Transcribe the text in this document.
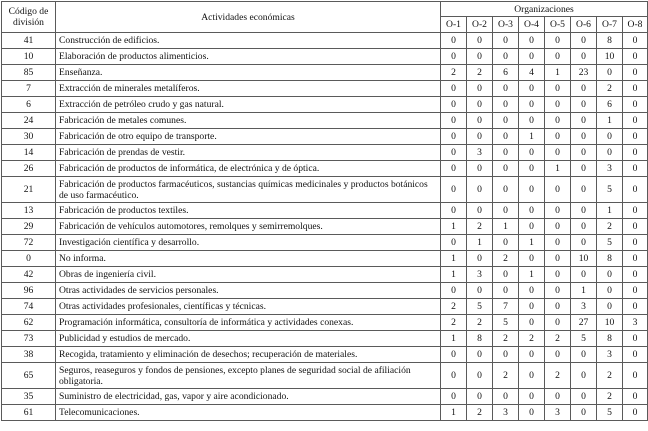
Código de división	Actividades económicas	Organizaciones							
		O-1	O-2	O-3	O-4	O-5	O-6	O-7	O-8
41	Construcción de edificios.	0	0	0	0	0	0	8	0
10	Elaboración de productos alimenticios.	0	0	0	0	0	0	10	0
85	Enseñanza.	2	2	6	4	1	23	0	0
7	Extracción de minerales metalíferos.	0	0	0	0	0	0	2	0
6	Extracción de petróleo crudo y gas natural.	0	0	0	0	0	0	6	0
24	Fabricación de metales comunes.	0	0	0	0	0	0	1	0
30	Fabricación de otro equipo de transporte.	0	0	0	1	0	0	0	0
14	Fabricación de prendas de vestir.	0	3	0	0	0	0	0	0
26	Fabricación de productos de informática, de electrónica y de óptica.	0	0	0	0	1	0	3	0
21	Fabricación de productos farmacéuticos, sustancias químicas medicinales y productos botánicos de uso farmacéutico.	0	0	0	0	0	0	5	0
13	Fabricación de productos textiles.	0	0	0	0	0	0	1	0
29	Fabricación de vehículos automotores, remolques y semirremolques.	1	2	1	0	0	0	2	0
72	Investigación científica y desarrollo.	0	1	0	1	0	0	5	0
0	No informa.	1	0	2	0	0	10	8	0
42	Obras de ingeniería civil.	1	3	0	1	0	0	0	0
96	Otras actividades de servicios personales.	0	0	0	0	0	1	0	0
74	Otras actividades profesionales, científicas y técnicas.	2	5	7	0	0	3	0	0
62	Programación informática, consultoría de informática y actividades conexas.	2	2	5	0	0	27	10	3
73	Publicidad y estudios de mercado.	1	8	2	2	2	5	8	0
38	Recogida, tratamiento y eliminación de desechos; recuperación de materiales.	0	0	0	0	0	0	3	0
65	Seguros, reaseguros y fondos de pensiones, excepto planes de seguridad social de afiliación obligatoria.	0	0	2	0	2	0	2	0
35	Suministro de electricidad, gas, vapor y aire acondicionado.	0	0	0	0	0	0	2	0
61	Telecomunicaciones.	1	2	3	0	3	0	5	0
